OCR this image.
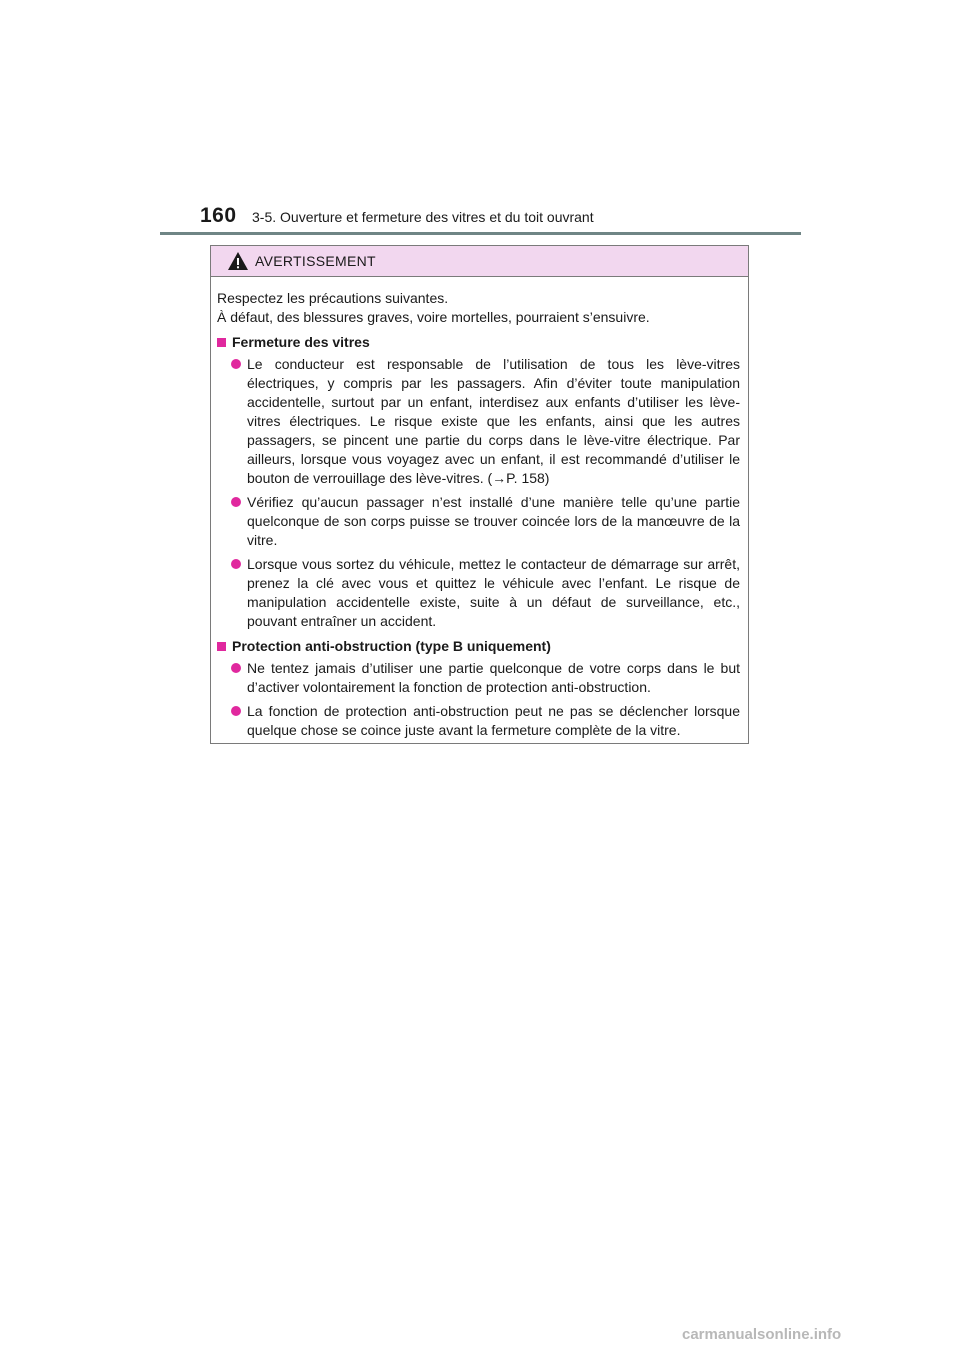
160	3-5. Ouverture et fermeture des vitres et du toit ouvrant
AVERTISSEMENT

Respectez les précautions suivantes.

À défaut, des blessures graves, voire mortelles, pourraient s’ensuivre.

Fermeture des vitres
Le conducteur est responsable de l’utilisation de tous les lève-vitres électriques, y compris par les passagers. Afin d’éviter toute manipulation accidentelle, surtout par un enfant, interdisez aux enfants d’utiliser les lève-vitres électriques. Le risque existe que les enfants, ainsi que les autres passagers, se pincent une partie du corps dans le lève-vitre électrique. Par ailleurs, lorsque vous voyagez avec un enfant, il est recommandé d’utiliser le bouton de verrouillage des lève-vitres. (→P. 158)
Vérifiez qu’aucun passager n’est installé d’une manière telle qu’une partie quelconque de son corps puisse se trouver coincée lors de la manœuvre de la vitre.
Lorsque vous sortez du véhicule, mettez le contacteur de démarrage sur arrêt, prenez la clé avec vous et quittez le véhicule avec l’enfant. Le risque de manipulation accidentelle existe, suite à un défaut de surveillance, etc., pouvant entraîner un accident.
Protection anti-obstruction (type B uniquement)
Ne tentez jamais d’utiliser une partie quelconque de votre corps dans le but d’activer volontairement la fonction de protection anti-obstruction.
La fonction de protection anti-obstruction peut ne pas se déclencher lorsque quelque chose se coince juste avant la fermeture complète de la vitre.
carmanualsonline.info
